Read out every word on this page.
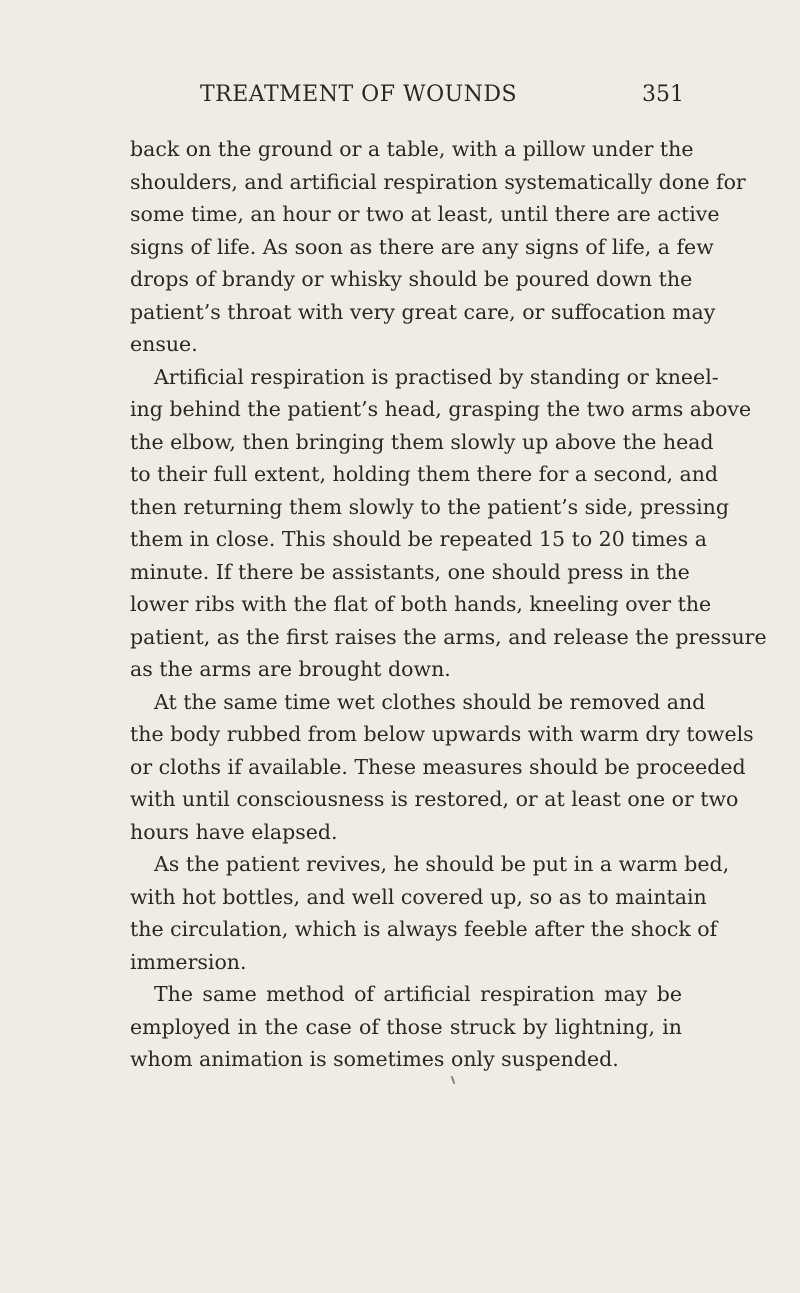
TREATMENT OF WOUNDS	351
back on the ground or a table, with a pillow under the
shoulders, and artificial respiration systematically done for
some time, an hour or two at least, until there are active
signs of life. As soon as there are any signs of life, a few
drops of brandy or whisky should be poured down the
patient’s throat with very great care, or suffocation may
ensue.
Artificial respiration is practised by standing or kneel-
ing behind the patient’s head, grasping the two arms above
the elbow, then bringing them slowly up above the head
to their full extent, holding them there for a second, and
then returning them slowly to the patient’s side, pressing
them in close. This should be repeated 15 to 20 times a
minute. If there be assistants, one should press in the
lower ribs with the flat of both hands, kneeling over the
patient, as the first raises the arms, and release the pressure
as the arms are brought down.
At the same time wet clothes should be removed and
the body rubbed from below upwards with warm dry towels
or cloths if available. These measures should be proceeded
with until consciousness is restored, or at least one or two
hours have elapsed.
As the patient revives, he should be put in a warm bed,
with hot bottles, and well covered up, so as to maintain
the circulation, which is always feeble after the shock of
immersion.
The same method of artificial respiration may be
employed in the case of those struck by lightning, in
whom animation is sometimes only suspended.
